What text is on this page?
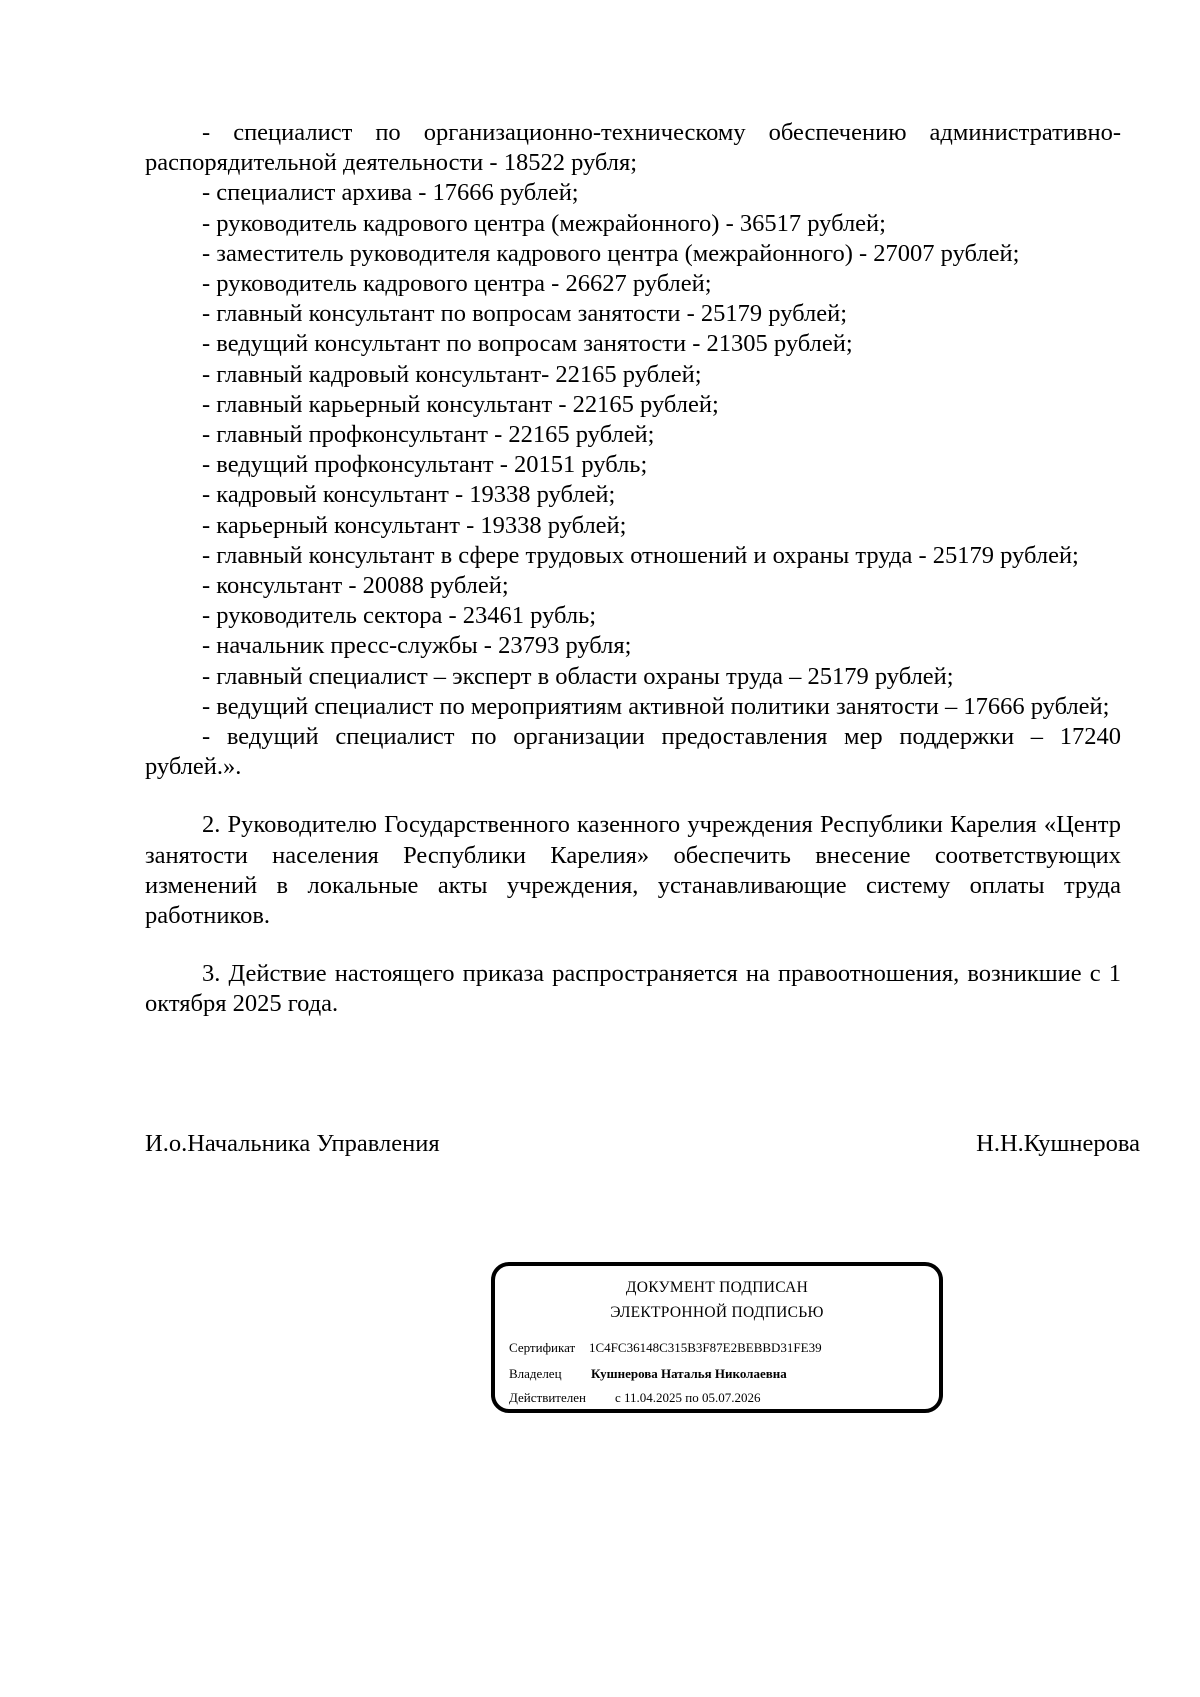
- специалист по организационно-техническому обеспечению административно-распорядительной деятельности - 18522 рубля;

- специалист архива - 17666 рублей;

- руководитель кадрового центра (межрайонного) - 36517 рублей;

- заместитель руководителя кадрового центра (межрайонного) - 27007 рублей;

- руководитель кадрового центра - 26627 рублей;

- главный консультант по вопросам занятости - 25179 рублей;

- ведущий консультант по вопросам занятости - 21305 рублей;

- главный кадровый консультант- 22165 рублей;

- главный карьерный консультант - 22165 рублей;

- главный профконсультант - 22165 рублей;

- ведущий профконсультант - 20151 рубль;

- кадровый консультант - 19338 рублей;

- карьерный консультант - 19338 рублей;

- главный консультант в сфере трудовых отношений и охраны труда - 25179 рублей;

- консультант - 20088 рублей;

- руководитель сектора - 23461 рубль;

- начальник пресс-службы - 23793 рубля;

- главный специалист – эксперт в области охраны труда – 25179 рублей;

- ведущий специалист по мероприятиям активной политики занятости – 17666 рублей;

- ведущий специалист по организации предоставления мер поддержки – 17240 рублей.».

2. Руководителю Государственного казенного учреждения Республики Карелия «Центр занятости населения Республики Карелия» обеспечить внесение соответствующих изменений в локальные акты учреждения, устанавливающие систему оплаты труда работников.

3. Действие настоящего приказа распространяется на правоотношения, возникшие с 1 октября 2025 года.

И.о.Начальника Управления	Н.Н.Кушнерова
ДОКУМЕНТ ПОДПИСАН
ЭЛЕКТРОННОЙ ПОДПИСЬЮ
Сертификат 1C4FC36148C315B3F87E2BEBBD31FE39
Владелец Кушнерова Наталья Николаевна
Действителен с 11.04.2025 по 05.07.2026
